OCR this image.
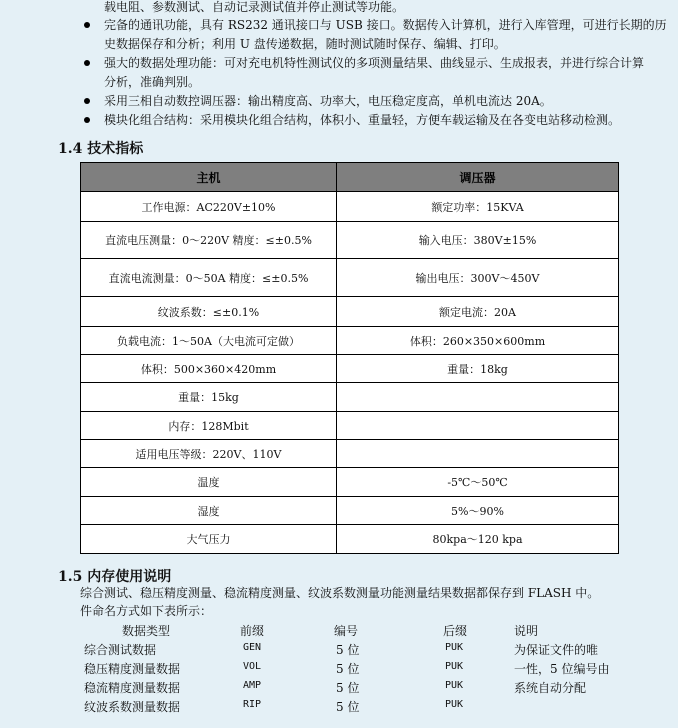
载电阻、参数测试、自动记录测试值并停止测试等功能。
完备的通讯功能，具有 RS232 通讯接口与 USB 接口。数据传入计算机，进行入库管理，可进行长期的历
史数据保存和分析；利用 U 盘传递数据，随时测试随时保存、编辑、打印。
强大的数据处理功能：可对充电机特性测试仪的多项测量结果、曲线显示、生成报表，并进行综合计算
分析，准确判别。
采用三相自动数控调压器：输出精度高、功率大，电压稳定度高，单机电流达 20A。
模块化组合结构：采用模块化组合结构，体积小、重量轻，方便车载运输及在各变电站移动检测。
1.4 技术指标
主机	调压器
工作电源：AC220V±10%	额定功率：15KVA
直流电压测量：0～220V 精度：≤±0.5%	输入电压：380V±15%
直流电流测量：0～50A 精度：≤±0.5%	输出电压：300V～450V
纹波系数：≤±0.1%	额定电流：20A
负载电流：1～50A（大电流可定做）	体积：260×350×600mm
体积：500×360×420mm	重量：18kg
重量：15kg	
内存：128Mbit	
适用电压等级：220V、110V	
温度	-5℃～50℃
湿度	5%～90%
大气压力	80kpa～120 kpa
1.5 内存使用说明
综合测试、稳压精度测量、稳流精度测量、纹波系数测量功能测量结果数据都保存到 FLASH 中。
件命名方式如下表所示：
数据类型	前缀	编号	后缀	说明
综合测试数据	GEN	5 位	PUK	为保证文件的唯
稳压精度测量数据	VOL	5 位	PUK	一性，5 位编号由
稳流精度测量数据	AMP	5 位	PUK	系统自动分配
纹波系数测量数据	RIP	5 位	PUK
